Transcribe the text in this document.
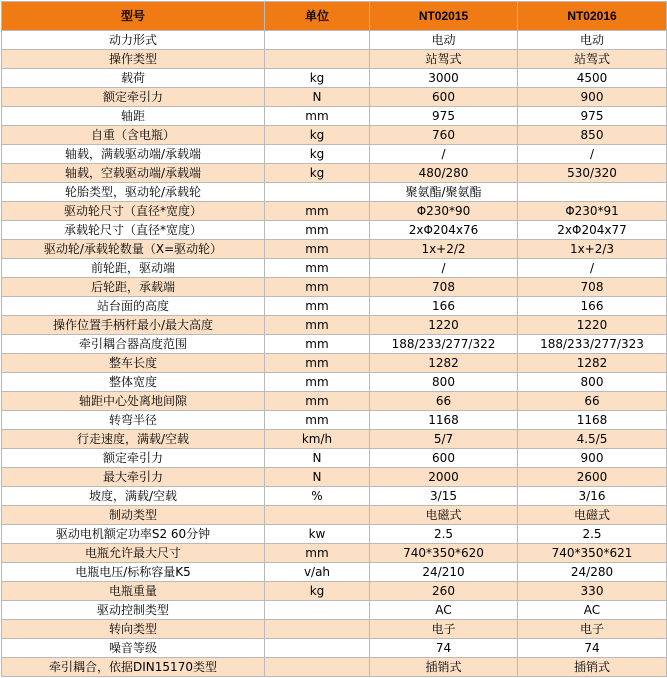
型号	单位	NT02015	NT02016
动力形式		电动	电动
操作类型		站驾式	站驾式
载荷	kg	3000	4500
额定牵引力	N	600	900
轴距	mm	975	975
自重（含电瓶）	kg	760	850
轴载，满载驱动端/承载端	kg	/	/
轴载，空载驱动端/承载端	kg	480/280	530/320
轮胎类型，驱动轮/承载轮		聚氨酯/聚氨酯	
驱动轮尺寸（直径*宽度）	mm	Φ230*90	Φ230*91
承载轮尺寸（直径*宽度）	mm	2xΦ204x76	2xΦ204x77
驱动轮/承载轮数量（X=驱动轮）	mm	1x+2/2	1x+2/3
前轮距，驱动端	mm	/	/
后轮距，承载端	mm	708	708
站台面的高度	mm	166	166
操作位置手柄杆最小/最大高度	mm	1220	1220
牵引耦合器高度范围	mm	188/233/277/322	188/233/277/323
整车长度	mm	1282	1282
整体宽度	mm	800	800
轴距中心处离地间隙	mm	66	66
转弯半径	mm	1168	1168
行走速度，满载/空载	km/h	5/7	4.5/5
额定牵引力	N	600	900
最大牵引力	N	2000	2600
坡度，满载/空载	%	3/15	3/16
制动类型		电磁式	电磁式
驱动电机额定功率S2 60分钟	kw	2.5	2.5
电瓶允许最大尺寸	mm	740*350*620	740*350*621
电瓶电压/标称容量K5	v/ah	24/210	24/280
电瓶重量	kg	260	330
驱动控制类型		AC	AC
转向类型		电子	电子
噪音等级		74	74
牵引耦合，依据DIN15170类型		插销式	插销式
